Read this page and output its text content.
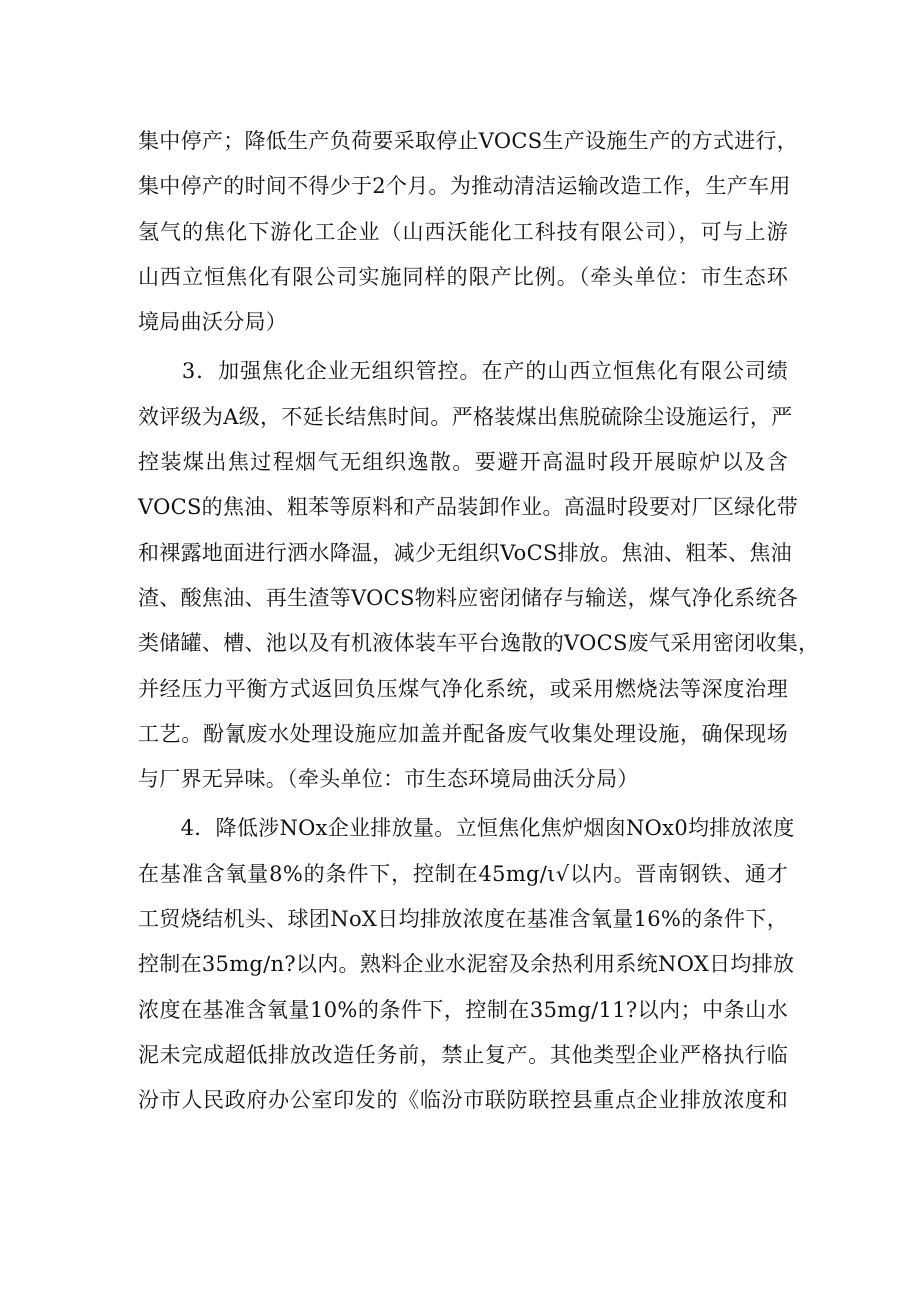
集中停产；降低生产负荷要采取停止VOCS生产设施生产的方式进行，
集中停产的时间不得少于2个月。为推动清洁运输改造工作，生产车用
氢气的焦化下游化工企业（山西沃能化工科技有限公司），可与上游
山西立恒焦化有限公司实施同样的限产比例。（牵头单位：市生态环
境局曲沃分局）
　　3．加强焦化企业无组织管控。在产的山西立恒焦化有限公司绩
效评级为A级，不延长结焦时间。严格装煤出焦脱硫除尘设施运行，严
控装煤出焦过程烟气无组织逸散。要避开高温时段开展晾炉以及含
VOCS的焦油、粗苯等原料和产品装卸作业。高温时段要对厂区绿化带
和裸露地面进行洒水降温，减少无组织VoCS排放。焦油、粗苯、焦油
渣、酸焦油、再生渣等VOCS物料应密闭储存与输送，煤气净化系统各
类储罐、槽、池以及有机液体装车平台逸散的VOCS废气采用密闭收集，
并经压力平衡方式返回负压煤气净化系统，或采用燃烧法等深度治理
工艺。酚氰废水处理设施应加盖并配备废气收集处理设施，确保现场
与厂界无异味。（牵头单位：市生态环境局曲沃分局）
　　4．降低涉NOx企业排放量。立恒焦化焦炉烟囱NOx0均排放浓度
在基准含氧量8%的条件下，控制在45mg∕ι√以内。晋南钢铁、通才
工贸烧结机头、球团NoX日均排放浓度在基准含氧量16%的条件下，
控制在35mg∕n?以内。熟料企业水泥窑及余热利用系统NOX日均排放
浓度在基准含氧量10%的条件下，控制在35mg∕11?以内；中条山水
泥未完成超低排放改造任务前，禁止复产。其他类型企业严格执行临
汾市人民政府办公室印发的《临汾市联防联控县重点企业排放浓度和
